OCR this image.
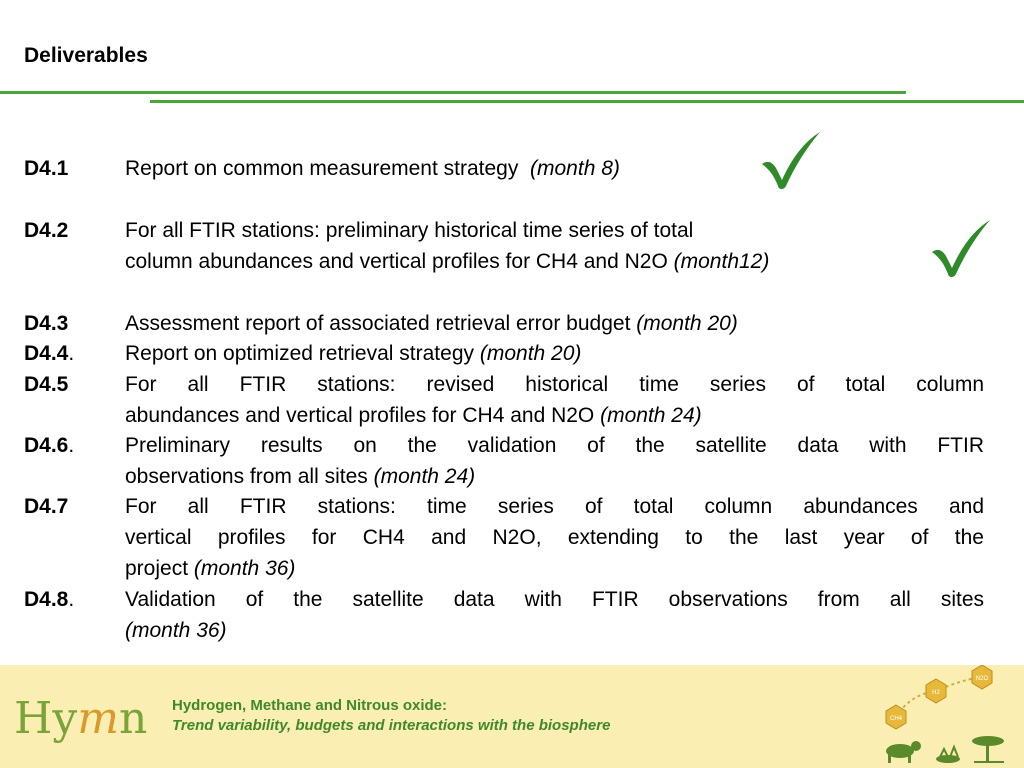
Deliverables
D4.1	Report on common measurement strategy (month 8)
D4.2	For all FTIR stations: preliminary historical time series of total
column abundances and vertical profiles for CH4 and N2O (month12)
D4.3	Assessment report of associated retrieval error budget (month 20)
D4.4. Report on optimized retrieval strategy (month 20)
D4.5	For all FTIR stations: revised historical time series of total column
abundances and vertical profiles for CH4 and N2O (month 24)
D4.6. Preliminary results on the validation of the satellite data with FTIR
observations from all sites (month 24)
D4.7	For all FTIR stations: time series of total column abundances and
vertical profiles for CH4 and N2O, extending to the last year of the
project (month 36)
D4.8. Validation of the satellite data with FTIR observations from all sites
(month 36)
Hymn Hydrogen, Methane and Nitrous oxide:
Trend variability, budgets and interactions with the biosphere	CH4
H2
N2O
